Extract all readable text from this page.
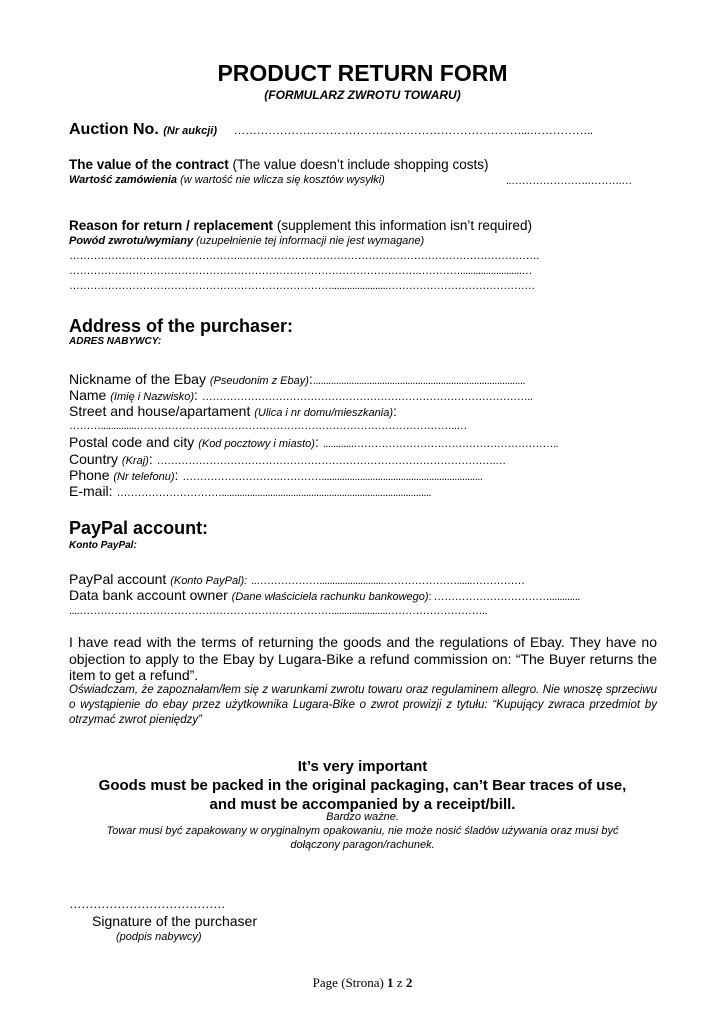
PRODUCT RETURN FORM
(FORMULARZ ZWROTU TOWARU)
Auction No. (Nr aukcji) …………………………………………………………………...……………..
The value of the contract (The value doesn’t include shopping costs)
Wartość zamówienia (w wartość nie wlicza się kosztów wysyłki)	..………………….……….…
Reason for return / replacement (supplement this information isn’t required)
Powód zwrotu/wymiany (uzupełnienie tej informacji nie jest wymagane)
…………………………………………..………………………………………………………………………….
……………………………………………………………………………………….…………........................…
…………………………………………………………………......................……………………………………
Address of the purchaser:
ADRES NABYWCY:
Nickname of the Ebay (Pseudonim z Ebay):...................................................................................
Name (Imię i Nazwisko): …………………………………………………………………………………..
Street and house/apartament (Ulica i nr domu/mieszkania):
………..............………………………………………………………………………………..…
Postal code and city (Kod pocztowy i miasto): ............…………………………………………………..
Country (Kraj): …………………………………………………………………………………….…
Phone (Nr telefonu): ……………………….…………...............................................................
E-mail: …………………………..................................................................................
PayPal account:
Konto PayPal:
PayPal account (Konto PayPal): ..……………….........................…………………......……………
Data bank account owner (Dane właściciela rachunku bankowego): ……………………………............
....………………………………………………………………......................………………………..
I have read with the terms of returning the goods and the regulations of Ebay. They have no objection to apply to the Ebay by Lugara-Bike a refund commission on: “The Buyer returns the item to get a refund”.
Oświadczam, że zapoznałam/łem się z warunkami zwrotu towaru oraz regulaminem allegro. Nie wnoszę sprzeciwu o wystąpienie do ebay przez użytkownika Lugara-Bike o zwrot prowizji z tytułu: “Kupujący zwraca przedmiot by otrzymać zwrot pieniędzy”
It’s very important
Goods must be packed in the original packaging, can’t Bear traces of use,
and must be accompanied by a receipt/bill.
Bardzo ważne.
Towar musi być zapakowany w oryginalnym opakowaniu, nie może nosić śladów używania oraz musi być
dołączony paragon/rachunek.
…………………………………
Signature of the purchaser
(podpis nabywcy)
Page (Strona) 1 z 2
